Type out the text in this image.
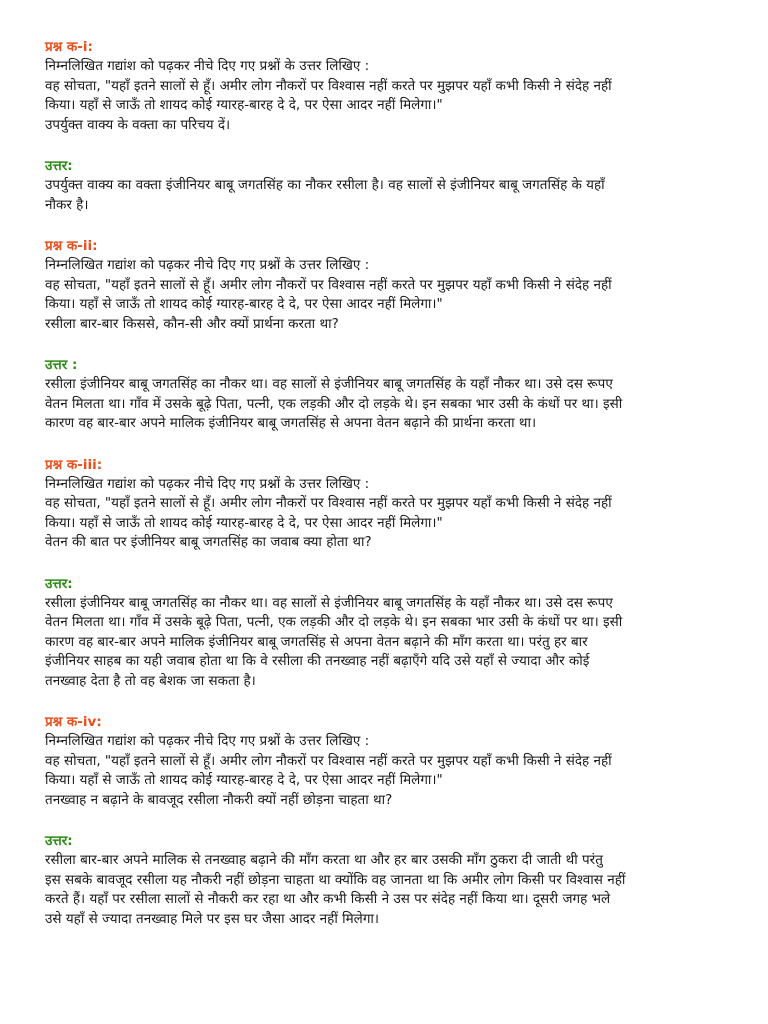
प्रश्न क-i:
निम्नलिखित गद्यांश को पढ़कर नीचे दिए गए प्रश्नों के उत्तर लिखिए :
वह सोचता, "यहाँ इतने सालों से हूँ। अमीर लोग नौकरों पर विश्वास नहीं करते पर मुझपर यहाँ कभी किसी ने संदेह नहीं
किया। यहाँ से जाऊँ तो शायद कोई ग्यारह-बारह दे दे, पर ऐसा आदर नहीं मिलेगा।"
उपर्युक्त वाक्य के वक्ता का परिचय दें।
उत्तर:
उपर्युक्त वाक्य का वक्ता इंजीनियर बाबू जगतसिंह का नौकर रसीला है। वह सालों से इंजीनियर बाबू जगतसिंह के यहाँ
नौकर है।
प्रश्न क-ii:
निम्नलिखित गद्यांश को पढ़कर नीचे दिए गए प्रश्नों के उत्तर लिखिए :
वह सोचता, "यहाँ इतने सालों से हूँ। अमीर लोग नौकरों पर विश्वास नहीं करते पर मुझपर यहाँ कभी किसी ने संदेह नहीं
किया। यहाँ से जाऊँ तो शायद कोई ग्यारह-बारह दे दे, पर ऐसा आदर नहीं मिलेगा।"
रसीला बार-बार किससे, कौन-सी और क्यों प्रार्थना करता था?
उत्तर :
रसीला इंजीनियर बाबू जगतसिंह का नौकर था। वह सालों से इंजीनियर बाबू जगतसिंह के यहाँ नौकर था। उसे दस रूपए
वेतन मिलता था। गाँव में उसके बूढ़े पिता, पत्नी, एक लड़की और दो लड़के थे। इन सबका भार उसी के कंधों पर था। इसी
कारण वह बार-बार अपने मालिक इंजीनियर बाबू जगतसिंह से अपना वेतन बढ़ाने की प्रार्थना करता था।
प्रश्न क-iii:
निम्नलिखित गद्यांश को पढ़कर नीचे दिए गए प्रश्नों के उत्तर लिखिए :
वह सोचता, "यहाँ इतने सालों से हूँ। अमीर लोग नौकरों पर विश्वास नहीं करते पर मुझपर यहाँ कभी किसी ने संदेह नहीं
किया। यहाँ से जाऊँ तो शायद कोई ग्यारह-बारह दे दे, पर ऐसा आदर नहीं मिलेगा।"
वेतन की बात पर इंजीनियर बाबू जगतसिंह का जवाब क्या होता था?
उत्तर:
रसीला इंजीनियर बाबू जगतसिंह का नौकर था। वह सालों से इंजीनियर बाबू जगतसिंह के यहाँ नौकर था। उसे दस रूपए
वेतन मिलता था। गाँव में उसके बूढ़े पिता, पत्नी, एक लड़की और दो लड़के थे। इन सबका भार उसी के कंधों पर था। इसी
कारण वह बार-बार अपने मालिक इंजीनियर बाबू जगतसिंह से अपना वेतन बढ़ाने की माँग करता था। परंतु हर बार
इंजीनियर साहब का यही जवाब होता था कि वे रसीला की तनख्वाह नहीं बढ़ाएँगे यदि उसे यहाँ से ज्यादा और कोई
तनख्वाह देता है तो वह बेशक जा सकता है।
प्रश्न क-iv:
निम्नलिखित गद्यांश को पढ़कर नीचे दिए गए प्रश्नों के उत्तर लिखिए :
वह सोचता, "यहाँ इतने सालों से हूँ। अमीर लोग नौकरों पर विश्वास नहीं करते पर मुझपर यहाँ कभी किसी ने संदेह नहीं
किया। यहाँ से जाऊँ तो शायद कोई ग्यारह-बारह दे दे, पर ऐसा आदर नहीं मिलेगा।"
तनख्वाह न बढ़ाने के बावजूद रसीला नौकरी क्यों नहीं छोड़ना चाहता था?
उत्तर:
रसीला बार-बार अपने मालिक से तनख्वाह बढ़ाने की माँग करता था और हर बार उसकी माँग ठुकरा दी जाती थी परंतु
इस सबके बावजूद रसीला यह नौकरी नहीं छोड़ना चाहता था क्योंकि वह जानता था कि अमीर लोग किसी पर विश्वास नहीं
करते हैं। यहाँ पर रसीला सालों से नौकरी कर रहा था और कभी किसी ने उस पर संदेह नहीं किया था। दूसरी जगह भले
उसे यहाँ से ज्यादा तनख्वाह मिले पर इस घर जैसा आदर नहीं मिलेगा।
